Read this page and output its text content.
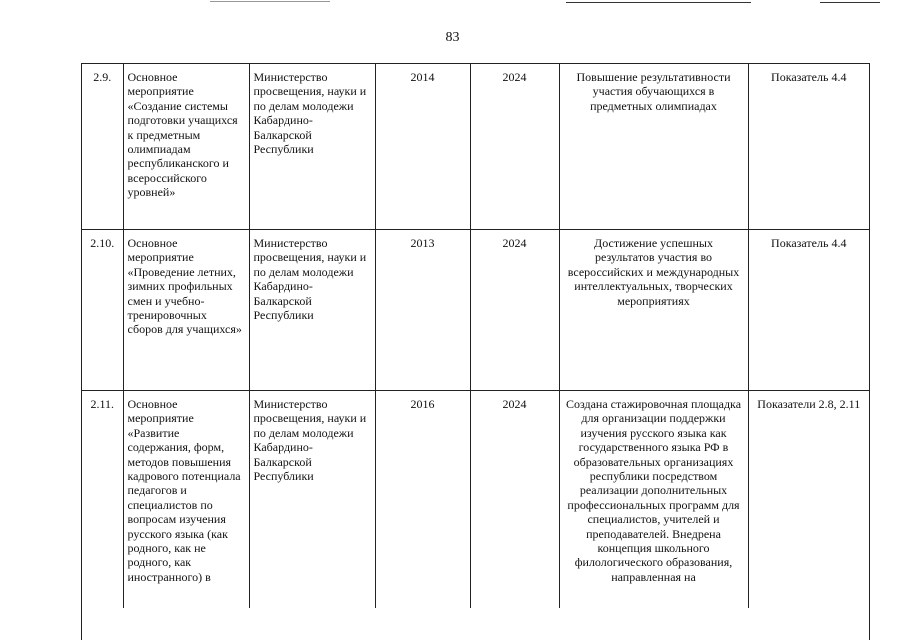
83
2.9.	Основное мероприятие «Создание системы подготовки учащихся к предметным олимпиадам республиканского и всероссийского уровней»	Министерство просвещения, науки и по делам молодежи Кабардино-Балкарской Республики	2014	2024	Повышение результативности участия обучающихся в предметных олимпиадах	Показатель 4.4
2.10.	Основное мероприятие «Проведение летних, зимних профильных смен и учебно-тренировочных сборов для учащихся»	Министерство просвещения, науки и по делам молодежи Кабардино-Балкарской Республики	2013	2024	Достижение успешных результатов участия во всероссийских и международных интеллектуальных, творческих мероприятиях	Показатель 4.4
2.11.	Основное мероприятие «Развитие содержания, форм, методов повышения кадрового потенциала педагогов и специалистов по вопросам изучения русского языка (как родного, как не родного, как иностранного) в	Министерство просвещения, науки и по делам молодежи Кабардино-Балкарской Республики	2016	2024	Создана стажировочная площадка для организации поддержки изучения русского языка как государственного языка РФ в образовательных организациях республики посредством реализации дополнительных профессиональных программ для специалистов, учителей и преподавателей. Внедрена концепция школьного филологического образования, направленная на	Показатели 2.8, 2.11
